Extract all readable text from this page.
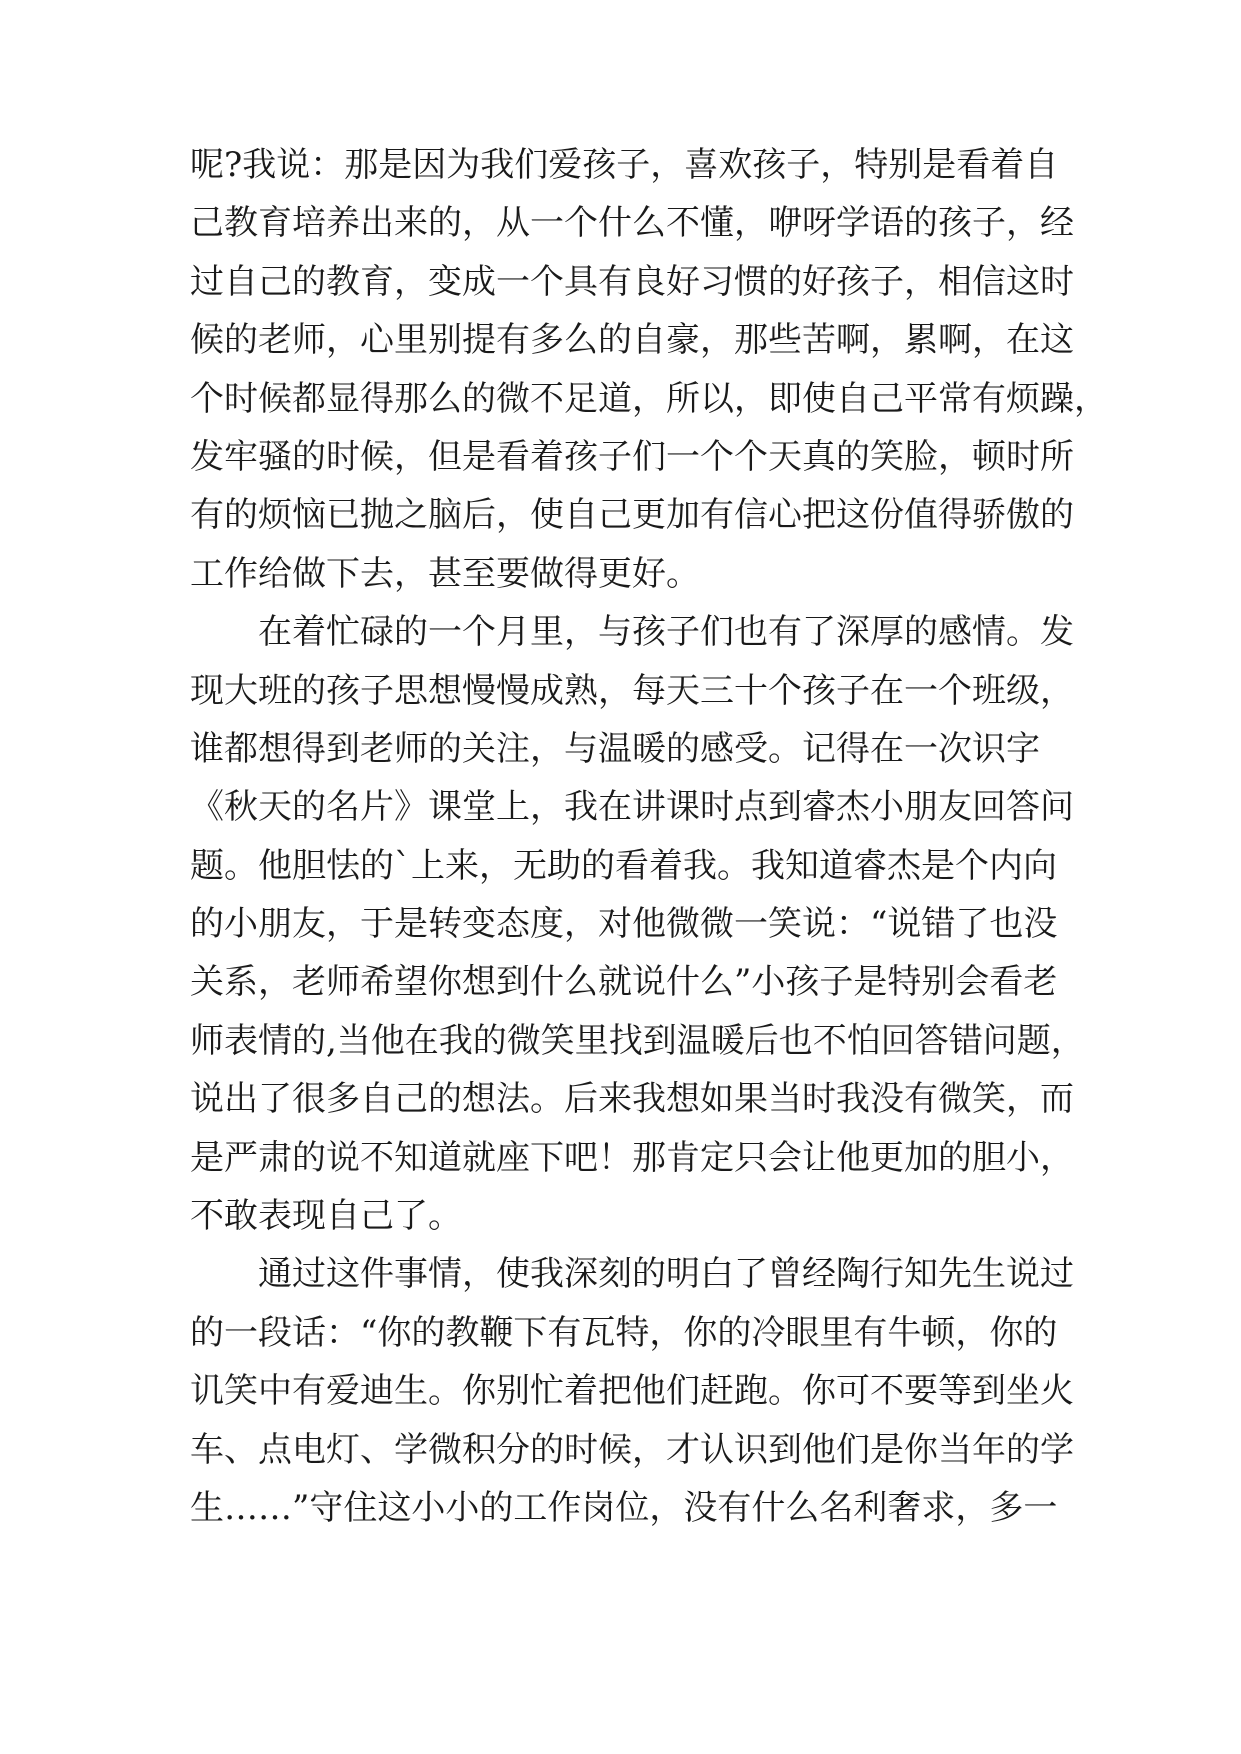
呢?我说：那是因为我们爱孩子，喜欢孩子，特别是看着自
己教育培养出来的，从一个什么不懂，咿呀学语的孩子，经
过自己的教育，变成一个具有良好习惯的好孩子，相信这时
候的老师，心里别提有多么的自豪，那些苦啊，累啊，在这
个时候都显得那么的微不足道，所以，即使自己平常有烦躁，
发牢骚的时候，但是看着孩子们一个个天真的笑脸，顿时所
有的烦恼已抛之脑后，使自己更加有信心把这份值得骄傲的
工作给做下去，甚至要做得更好。
在着忙碌的一个月里，与孩子们也有了深厚的感情。发
现大班的孩子思想慢慢成熟，每天三十个孩子在一个班级，
谁都想得到老师的关注，与温暖的感受。记得在一次识字
《秋天的名片》课堂上，我在讲课时点到睿杰小朋友回答问
题。他胆怯的`上来，无助的看着我。我知道睿杰是个内向
的小朋友，于是转变态度，对他微微一笑说：“说错了也没
关系，老师希望你想到什么就说什么”小孩子是特别会看老
师表情的,当他在我的微笑里找到温暖后也不怕回答错问题，
说出了很多自己的想法。后来我想如果当时我没有微笑，而
是严肃的说不知道就座下吧！那肯定只会让他更加的胆小，
不敢表现自己了。
通过这件事情，使我深刻的明白了曾经陶行知先生说过
的一段话：“你的教鞭下有瓦特，你的冷眼里有牛顿，你的
讥笑中有爱迪生。你别忙着把他们赶跑。你可不要等到坐火
车、点电灯、学微积分的时候，才认识到他们是你当年的学
生……”守住这小小的工作岗位，没有什么名利奢求，多一
